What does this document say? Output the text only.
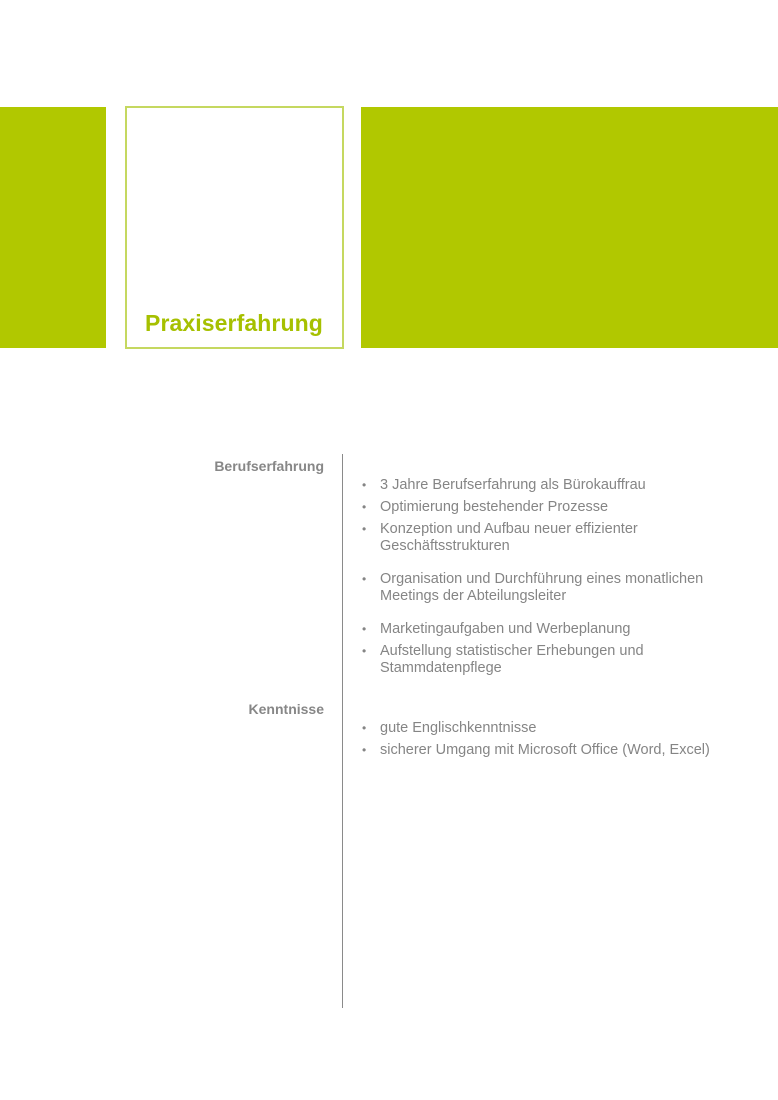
Praxiserfahrung
Berufserfahrung
• 3 Jahre Berufserfahrung als Bürokauffrau
• Optimierung bestehender Prozesse
• Konzeption und Aufbau neuer effizienter Geschäftsstrukturen
• Organisation und Durchführung eines monatlichen Meetings der Abteilungsleiter
• Marketingaufgaben und Werbeplanung
• Aufstellung statistischer Erhebungen und Stammdatenpflege
Kenntnisse
• gute Englischkenntnisse
• sicherer Umgang mit Microsoft Office (Word, Excel)
